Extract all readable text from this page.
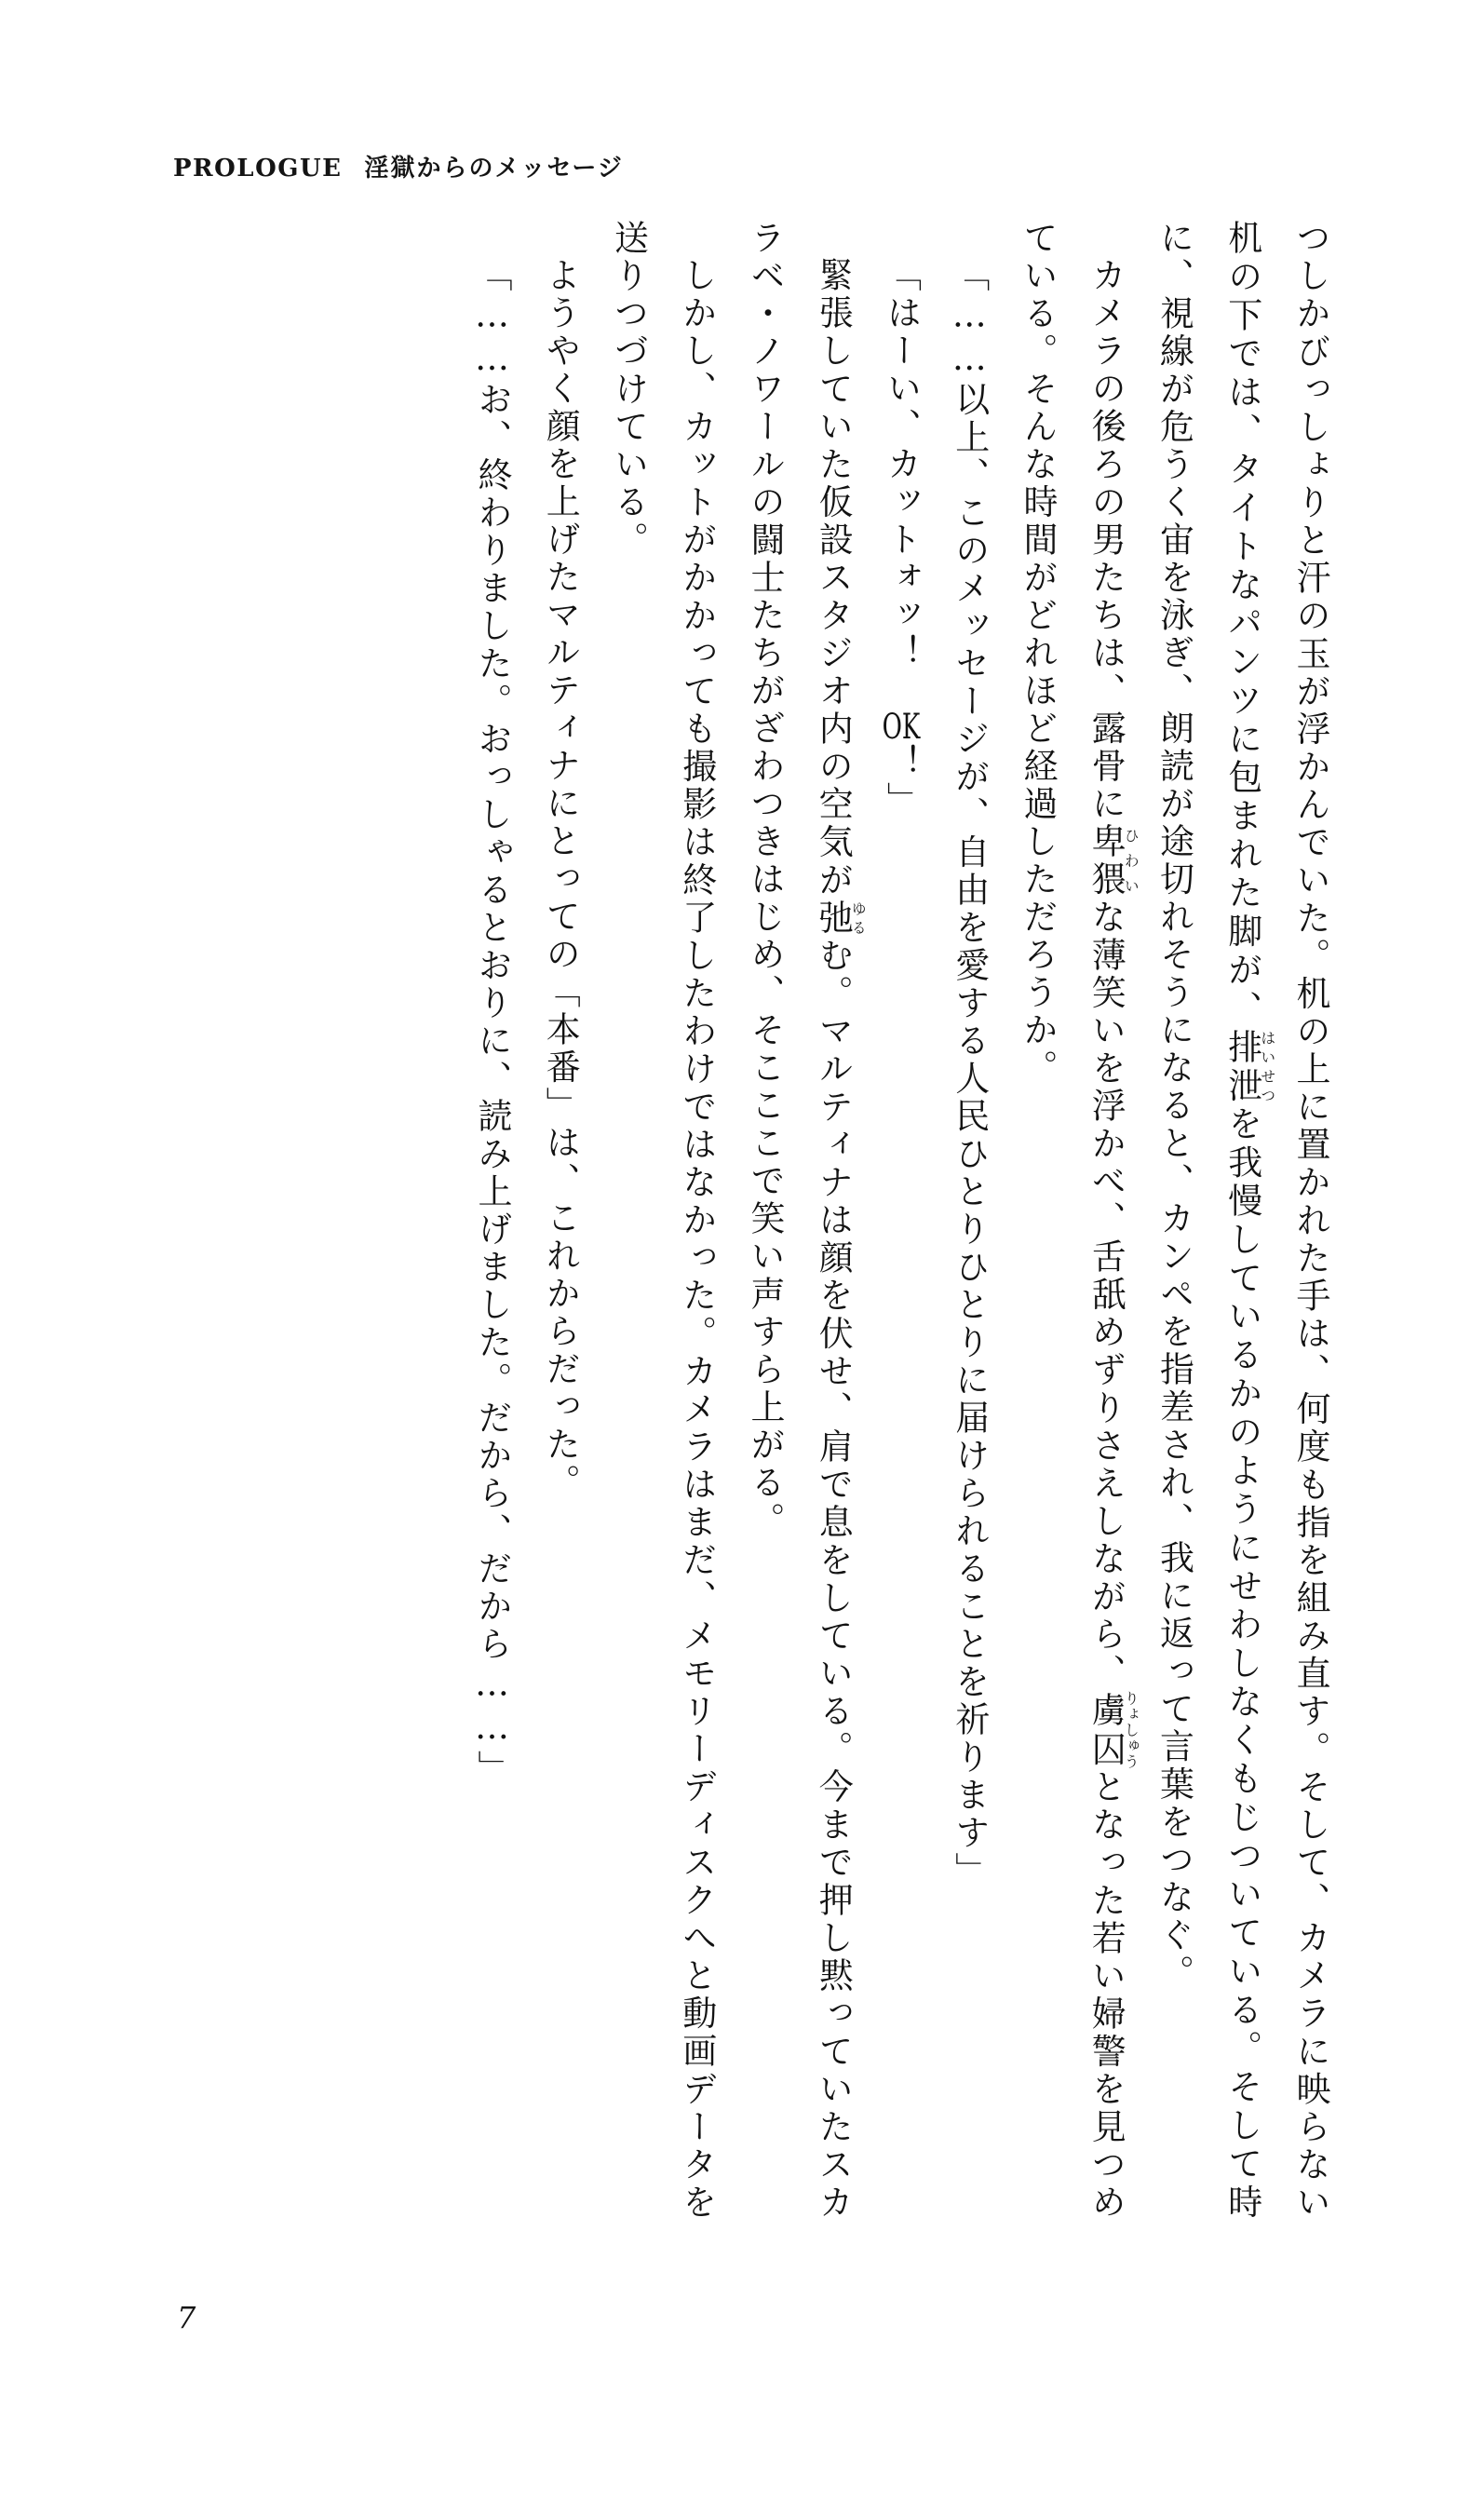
PROLOGUE 淫獄からのメッセージ

つしかびっしょりと汗の玉が浮かんでいた。机の上に置かれた手は、何度も指を組み直す。そして、カメラに映らない机の下では、タイトなパンツに包まれた脚が、排泄はいせつを我慢しているかのようにせわしなくもじついている。そして時に、視線が危うく宙を泳ぎ、朗読が途切れそうになると、カンペを指差され、我に返って言葉をつなぐ。

カメラの後ろの男たちは、露骨に卑猥ひわいな薄笑いを浮かべ、舌舐めずりさえしながら、虜囚りょしゅうとなった若い婦警を見つめている。そんな時間がどれほど経過しただろうか。

「……以上、このメッセージが、自由を愛する人民ひとりひとりに届けられることを祈ります」

「はーい、カットォッ！　OK！」

緊張していた仮設スタジオ内の空気が弛ゆるむ。マルティナは顔を伏せ、肩で息をしている。今まで押し黙っていたスカラベ・ノワールの闘士たちがざわつきはじめ、そこここで笑い声すら上がる。

しかし、カットがかかっても撮影は終了したわけではなかった。カメラはまだ、メモリーディスクへと動画データを送りつづけている。

ようやく顔を上げたマルティナにとっての「本番」は、これからだった。

「……お、終わりました。おっしゃるとおりに、読み上げました。だから、だから……」

7
